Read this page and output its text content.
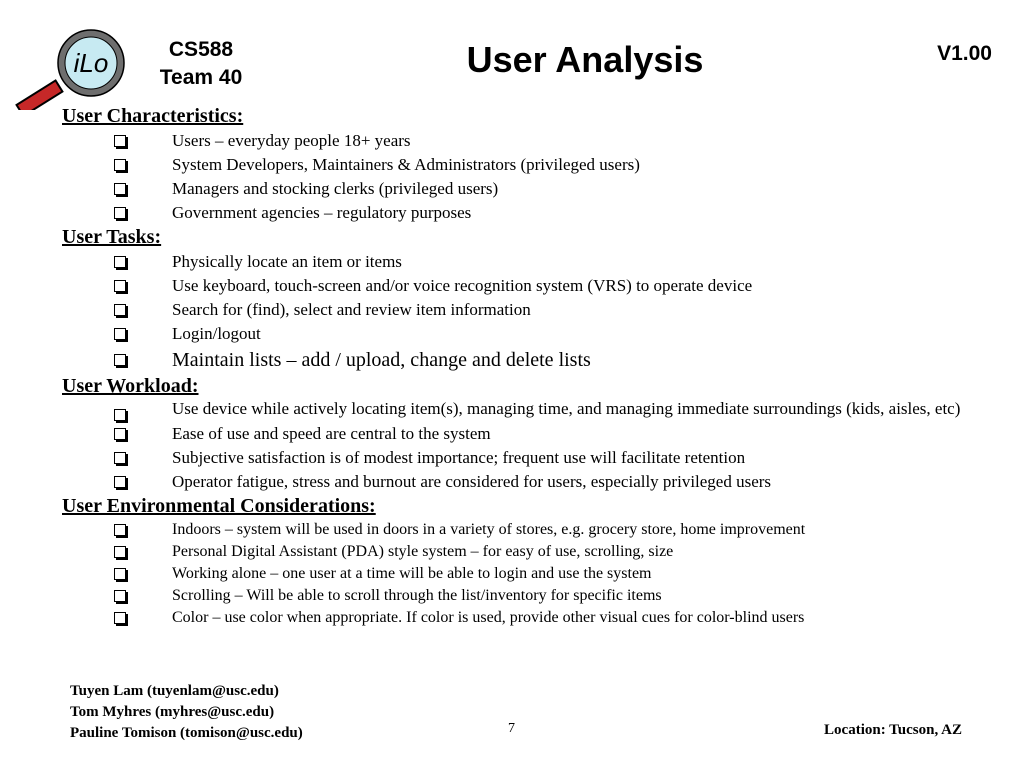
iLo	CS588
Team 40	User Analysis	V1.00
User Characteristics:
Users – everyday people 18+ years
System Developers, Maintainers & Administrators (privileged users)
Managers and stocking clerks (privileged users)
Government agencies – regulatory purposes
User Tasks:
Physically locate an item or items
Use keyboard, touch-screen and/or voice recognition system (VRS) to operate device
Search for (find), select and review item information
Login/logout
Maintain lists – add / upload, change and delete lists
User Workload:
Use device while actively locating item(s), managing time, and managing immediate surroundings (kids, aisles, etc)
Ease of use and speed are central to the system
Subjective satisfaction is of modest importance; frequent use will facilitate retention
Operator fatigue, stress and burnout are considered for users, especially privileged users
User Environmental Considerations:
Indoors – system will be used in doors in a variety of stores, e.g. grocery store, home improvement
Personal Digital Assistant (PDA) style system – for easy of use, scrolling, size
Working alone – one user at a time will be able to login and use the system
Scrolling – Will be able to scroll through the list/inventory for specific items
Color – use color when appropriate. If color is used, provide other visual cues for color-blind users
Tuyen Lam (tuyenlam@usc.edu)
Tom Myhres (myhres@usc.edu)
Pauline Tomison (tomison@usc.edu)	7	Location: Tucson, AZ
